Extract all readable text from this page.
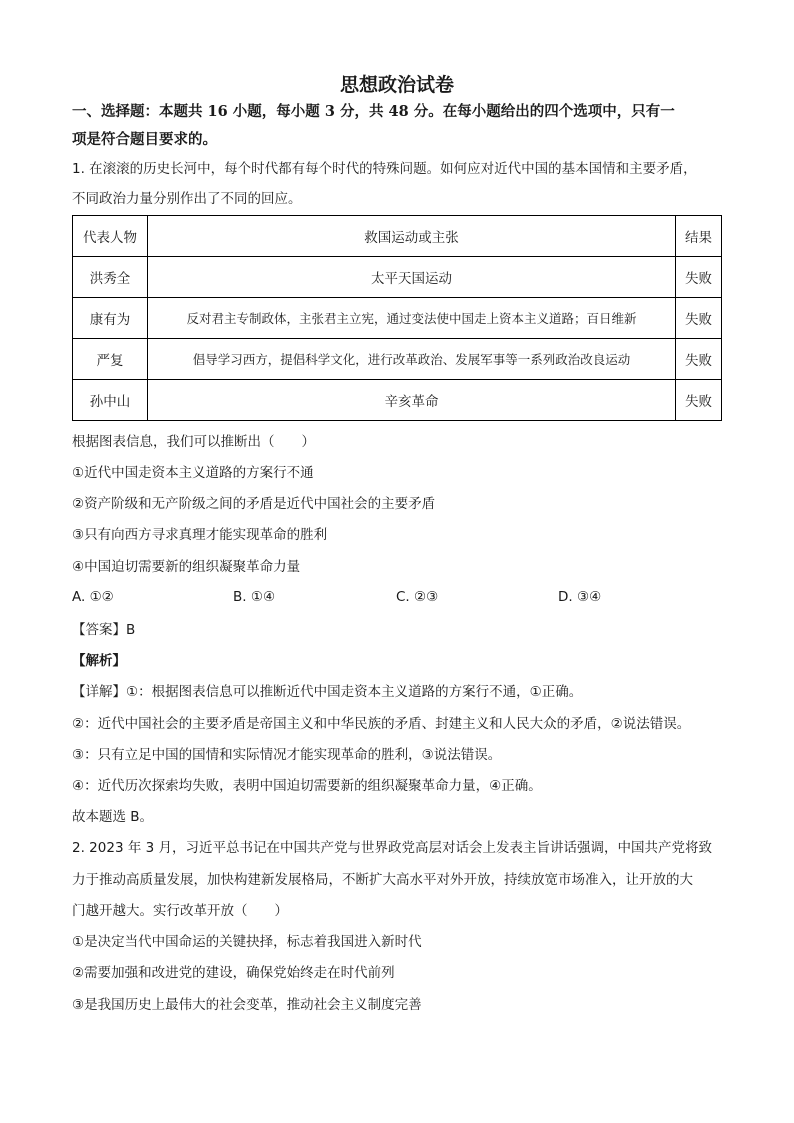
思想政治试卷
一、选择题：本题共 16 小题，每小题 3 分，共 48 分。在每小题给出的四个选项中，只有一
项是符合题目要求的。
1. 在滚滚的历史长河中，每个时代都有每个时代的特殊问题。如何应对近代中国的基本国情和主要矛盾，
不同政治力量分别作出了不同的回应。
代表人物	救国运动或主张	结果
洪秀全	太平天国运动	失败
康有为	反对君主专制政体，主张君主立宪，通过变法使中国走上资本主义道路；百日维新	失败
严复	倡导学习西方，提倡科学文化，进行改革政治、发展军事等一系列政治改良运动	失败
孙中山	辛亥革命	失败
根据图表信息，我们可以推断出（　　）
①近代中国走资本主义道路的方案行不通
②资产阶级和无产阶级之间的矛盾是近代中国社会的主要矛盾
③只有向西方寻求真理才能实现革命的胜利
④中国迫切需要新的组织凝聚革命力量
A. ①②	B. ①④	C. ②③	D. ③④
【答案】B
【解析】
【详解】①：根据图表信息可以推断近代中国走资本主义道路的方案行不通，①正确。
②：近代中国社会的主要矛盾是帝国主义和中华民族的矛盾、封建主义和人民大众的矛盾，②说法错误。
③：只有立足中国的国情和实际情况才能实现革命的胜利，③说法错误。
④：近代历次探索均失败，表明中国迫切需要新的组织凝聚革命力量，④正确。
故本题选 B。
2. 2023 年 3 月，习近平总书记在中国共产党与世界政党高层对话会上发表主旨讲话强调，中国共产党将致
力于推动高质量发展，加快构建新发展格局，不断扩大高水平对外开放，持续放宽市场准入，让开放的大
门越开越大。实行改革开放（　　）
①是决定当代中国命运的关键抉择，标志着我国进入新时代
②需要加强和改进党的建设，确保党始终走在时代前列
③是我国历史上最伟大的社会变革，推动社会主义制度完善
